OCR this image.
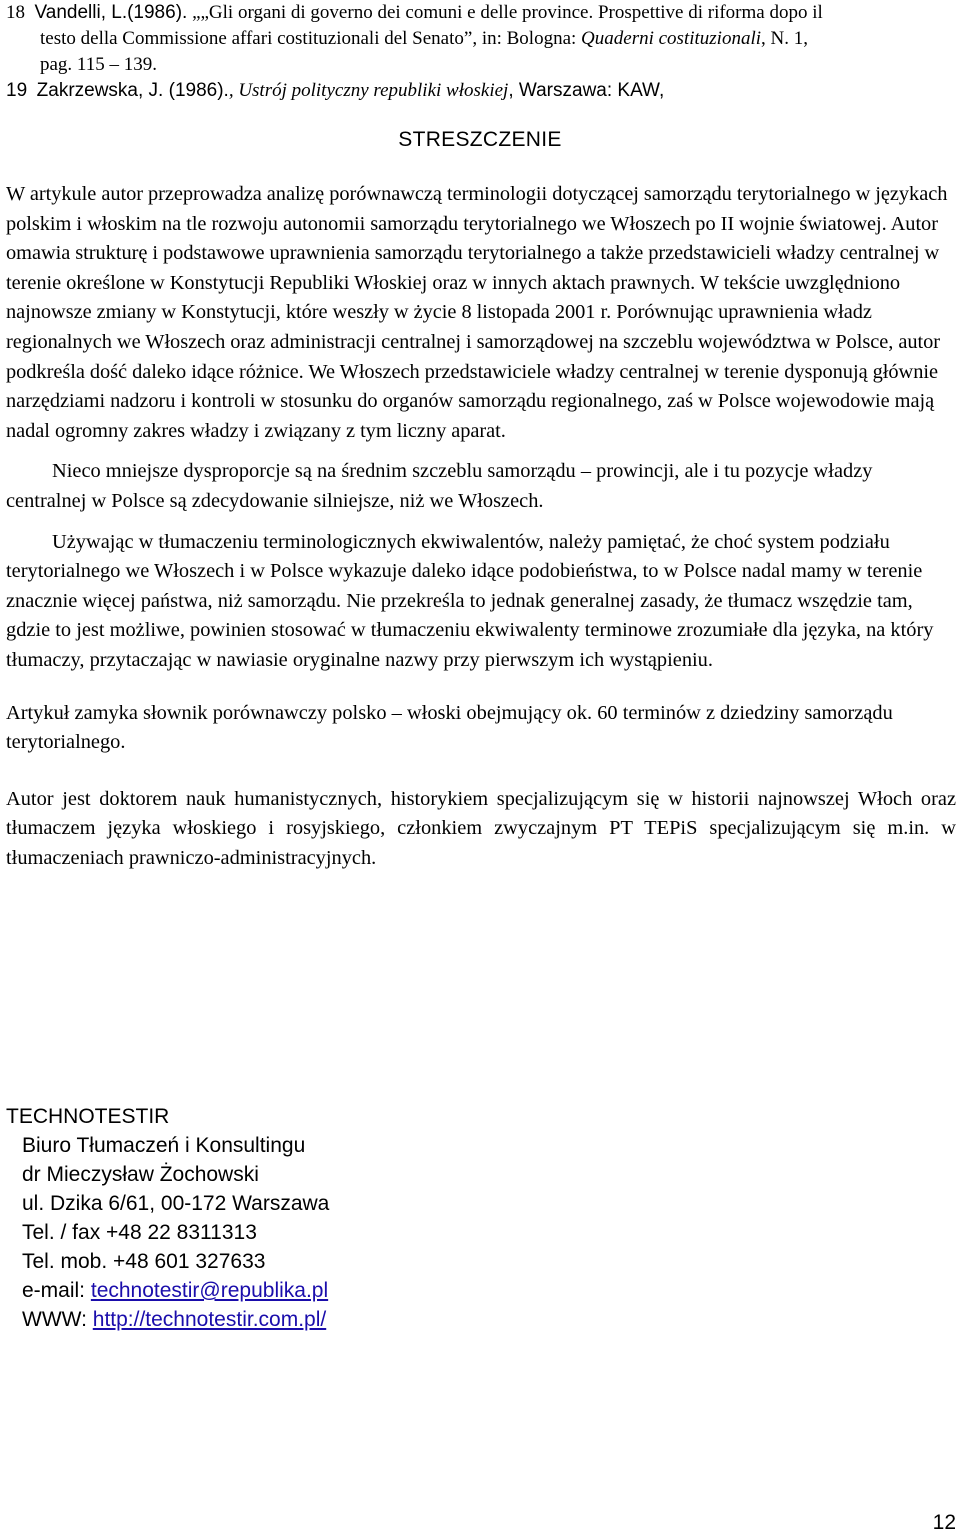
18 Vandelli, L.(1986). „„Gli organi di governo dei comuni e delle province. Prospettive di riforma dopo il
testo della Commissione affari costituzionali del Senato”, in: Bologna: Quaderni costituzionali, N. 1,
pag. 115 – 139.
19 Zakrzewska, J. (1986)., Ustrój polityczny republiki włoskiej, Warszawa: KAW,
STRESZCZENIE

W artykule autor przeprowadza analizę porównawczą terminologii dotyczącej samorządu terytorialnego w językach polskim i włoskim na tle rozwoju autonomii samorządu terytorialnego we Włoszech po II wojnie światowej. Autor omawia strukturę i podstawowe uprawnienia samorządu terytorialnego a także przedstawicieli władzy centralnej w terenie określone w Konstytucji Republiki Włoskiej oraz w innych aktach prawnych. W tekście uwzględniono najnowsze zmiany w Konstytucji, które weszły w życie 8 listopada 2001 r. Porównując uprawnienia władz regionalnych we Włoszech oraz administracji centralnej i samorządowej na szczeblu województwa w Polsce, autor podkreśla dość daleko idące różnice. We Włoszech przedstawiciele władzy centralnej w terenie dysponują głównie narzędziami nadzoru i kontroli w stosunku do organów samorządu regionalnego, zaś w Polsce wojewodowie mają nadal ogromny zakres władzy i związany z tym liczny aparat.

Nieco mniejsze dysproporcje są na średnim szczeblu samorządu – prowincji, ale i tu pozycje władzy centralnej w Polsce są zdecydowanie silniejsze, niż we Włoszech.

Używając w tłumaczeniu terminologicznych ekwiwalentów, należy pamiętać, że choć system podziału terytorialnego we Włoszech i w Polsce wykazuje daleko idące podobieństwa, to w Polsce nadal mamy w terenie znacznie więcej państwa, niż samorządu. Nie przekreśla to jednak generalnej zasady, że tłumacz wszędzie tam, gdzie to jest możliwe, powinien stosować w tłumaczeniu ekwiwalenty terminowe zrozumiałe dla języka, na który tłumaczy, przytaczając w nawiasie oryginalne nazwy przy pierwszym ich wystąpieniu.

Artykuł zamyka słownik porównawczy polsko – włoski obejmujący ok. 60 terminów z dziedziny samorządu terytorialnego.

Autor jest doktorem nauk humanistycznych, historykiem specjalizującym się w historii najnowszej Włoch oraz tłumaczem języka włoskiego i rosyjskiego, członkiem zwyczajnym PT TEPiS specjalizującym się m.in. w tłumaczeniach prawniczo-administracyjnych.

TECHNOTESTIR
Biuro Tłumaczeń i Konsultingu
dr Mieczysław Żochowski
ul. Dzika 6/61, 00-172 Warszawa
Tel. / fax +48 22 8311313
Tel. mob. +48 601 327633
e-mail: technotestir@republika.pl
WWW: http://technotestir.com.pl/
12
